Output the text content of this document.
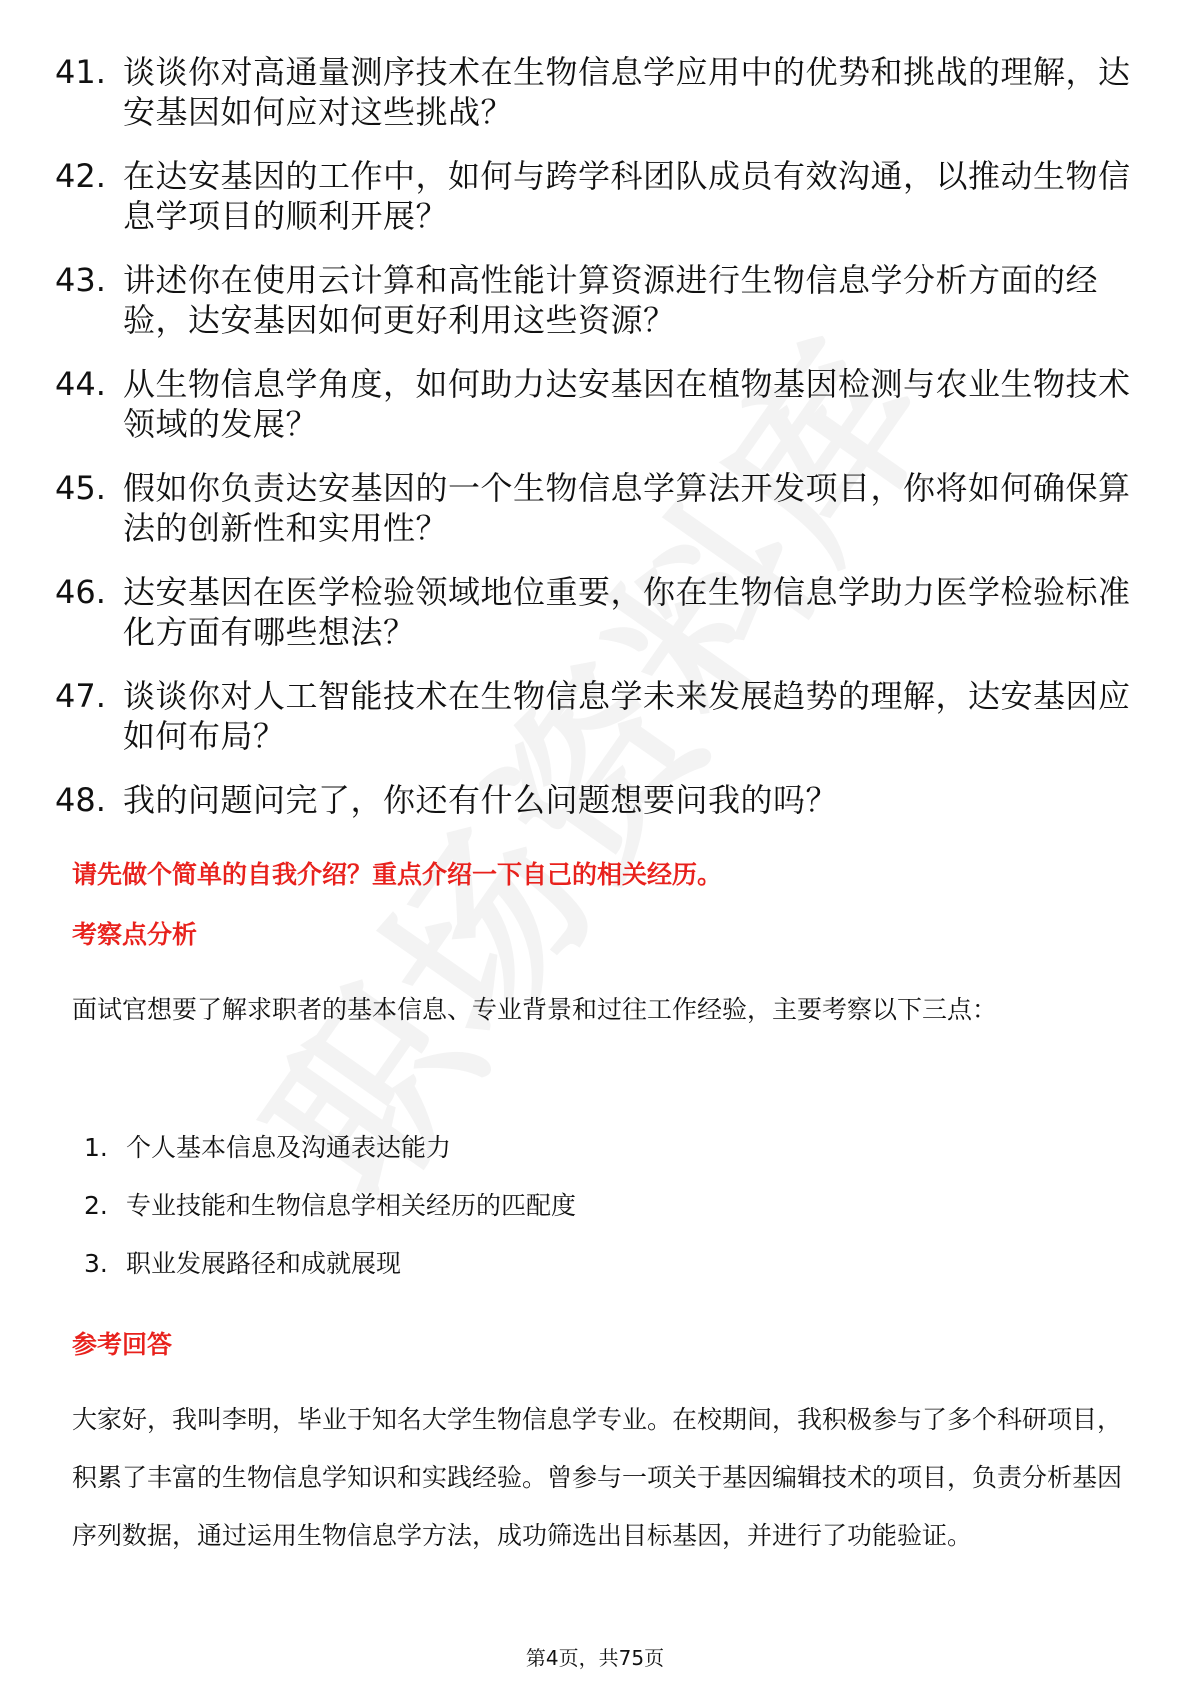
41. 谈谈你对高通量测序技术在生物信息学应用中的优势和挑战的理解，达安基因如何应对这些挑战？
42. 在达安基因的工作中，如何与跨学科团队成员有效沟通，以推动生物信息学项目的顺利开展？
43. 讲述你在使用云计算和高性能计算资源进行生物信息学分析方面的经验，达安基因如何更好利用这些资源？
44. 从生物信息学角度，如何助力达安基因在植物基因检测与农业生物技术领域的发展？
45. 假如你负责达安基因的一个生物信息学算法开发项目，你将如何确保算法的创新性和实用性？
46. 达安基因在医学检验领域地位重要，你在生物信息学助力医学检验标准化方面有哪些想法？
47. 谈谈你对人工智能技术在生物信息学未来发展趋势的理解，达安基因应如何布局？
48. 我的问题问完了，你还有什么问题想要问我的吗？
请先做个简单的自我介绍？重点介绍一下自己的相关经历。
考察点分析
面试官想要了解求职者的基本信息、专业背景和过往工作经验，主要考察以下三点：
1. 个人基本信息及沟通表达能力
2. 专业技能和生物信息学相关经历的匹配度
3. 职业发展路径和成就展现
参考回答
大家好，我叫李明，毕业于知名大学生物信息学专业。在校期间，我积极参与了多个科研项目，积累了丰富的生物信息学知识和实践经验。曾参与一项关于基因编辑技术的项目，负责分析基因序列数据，通过运用生物信息学方法，成功筛选出目标基因，并进行了功能验证。
第4页，共75页
